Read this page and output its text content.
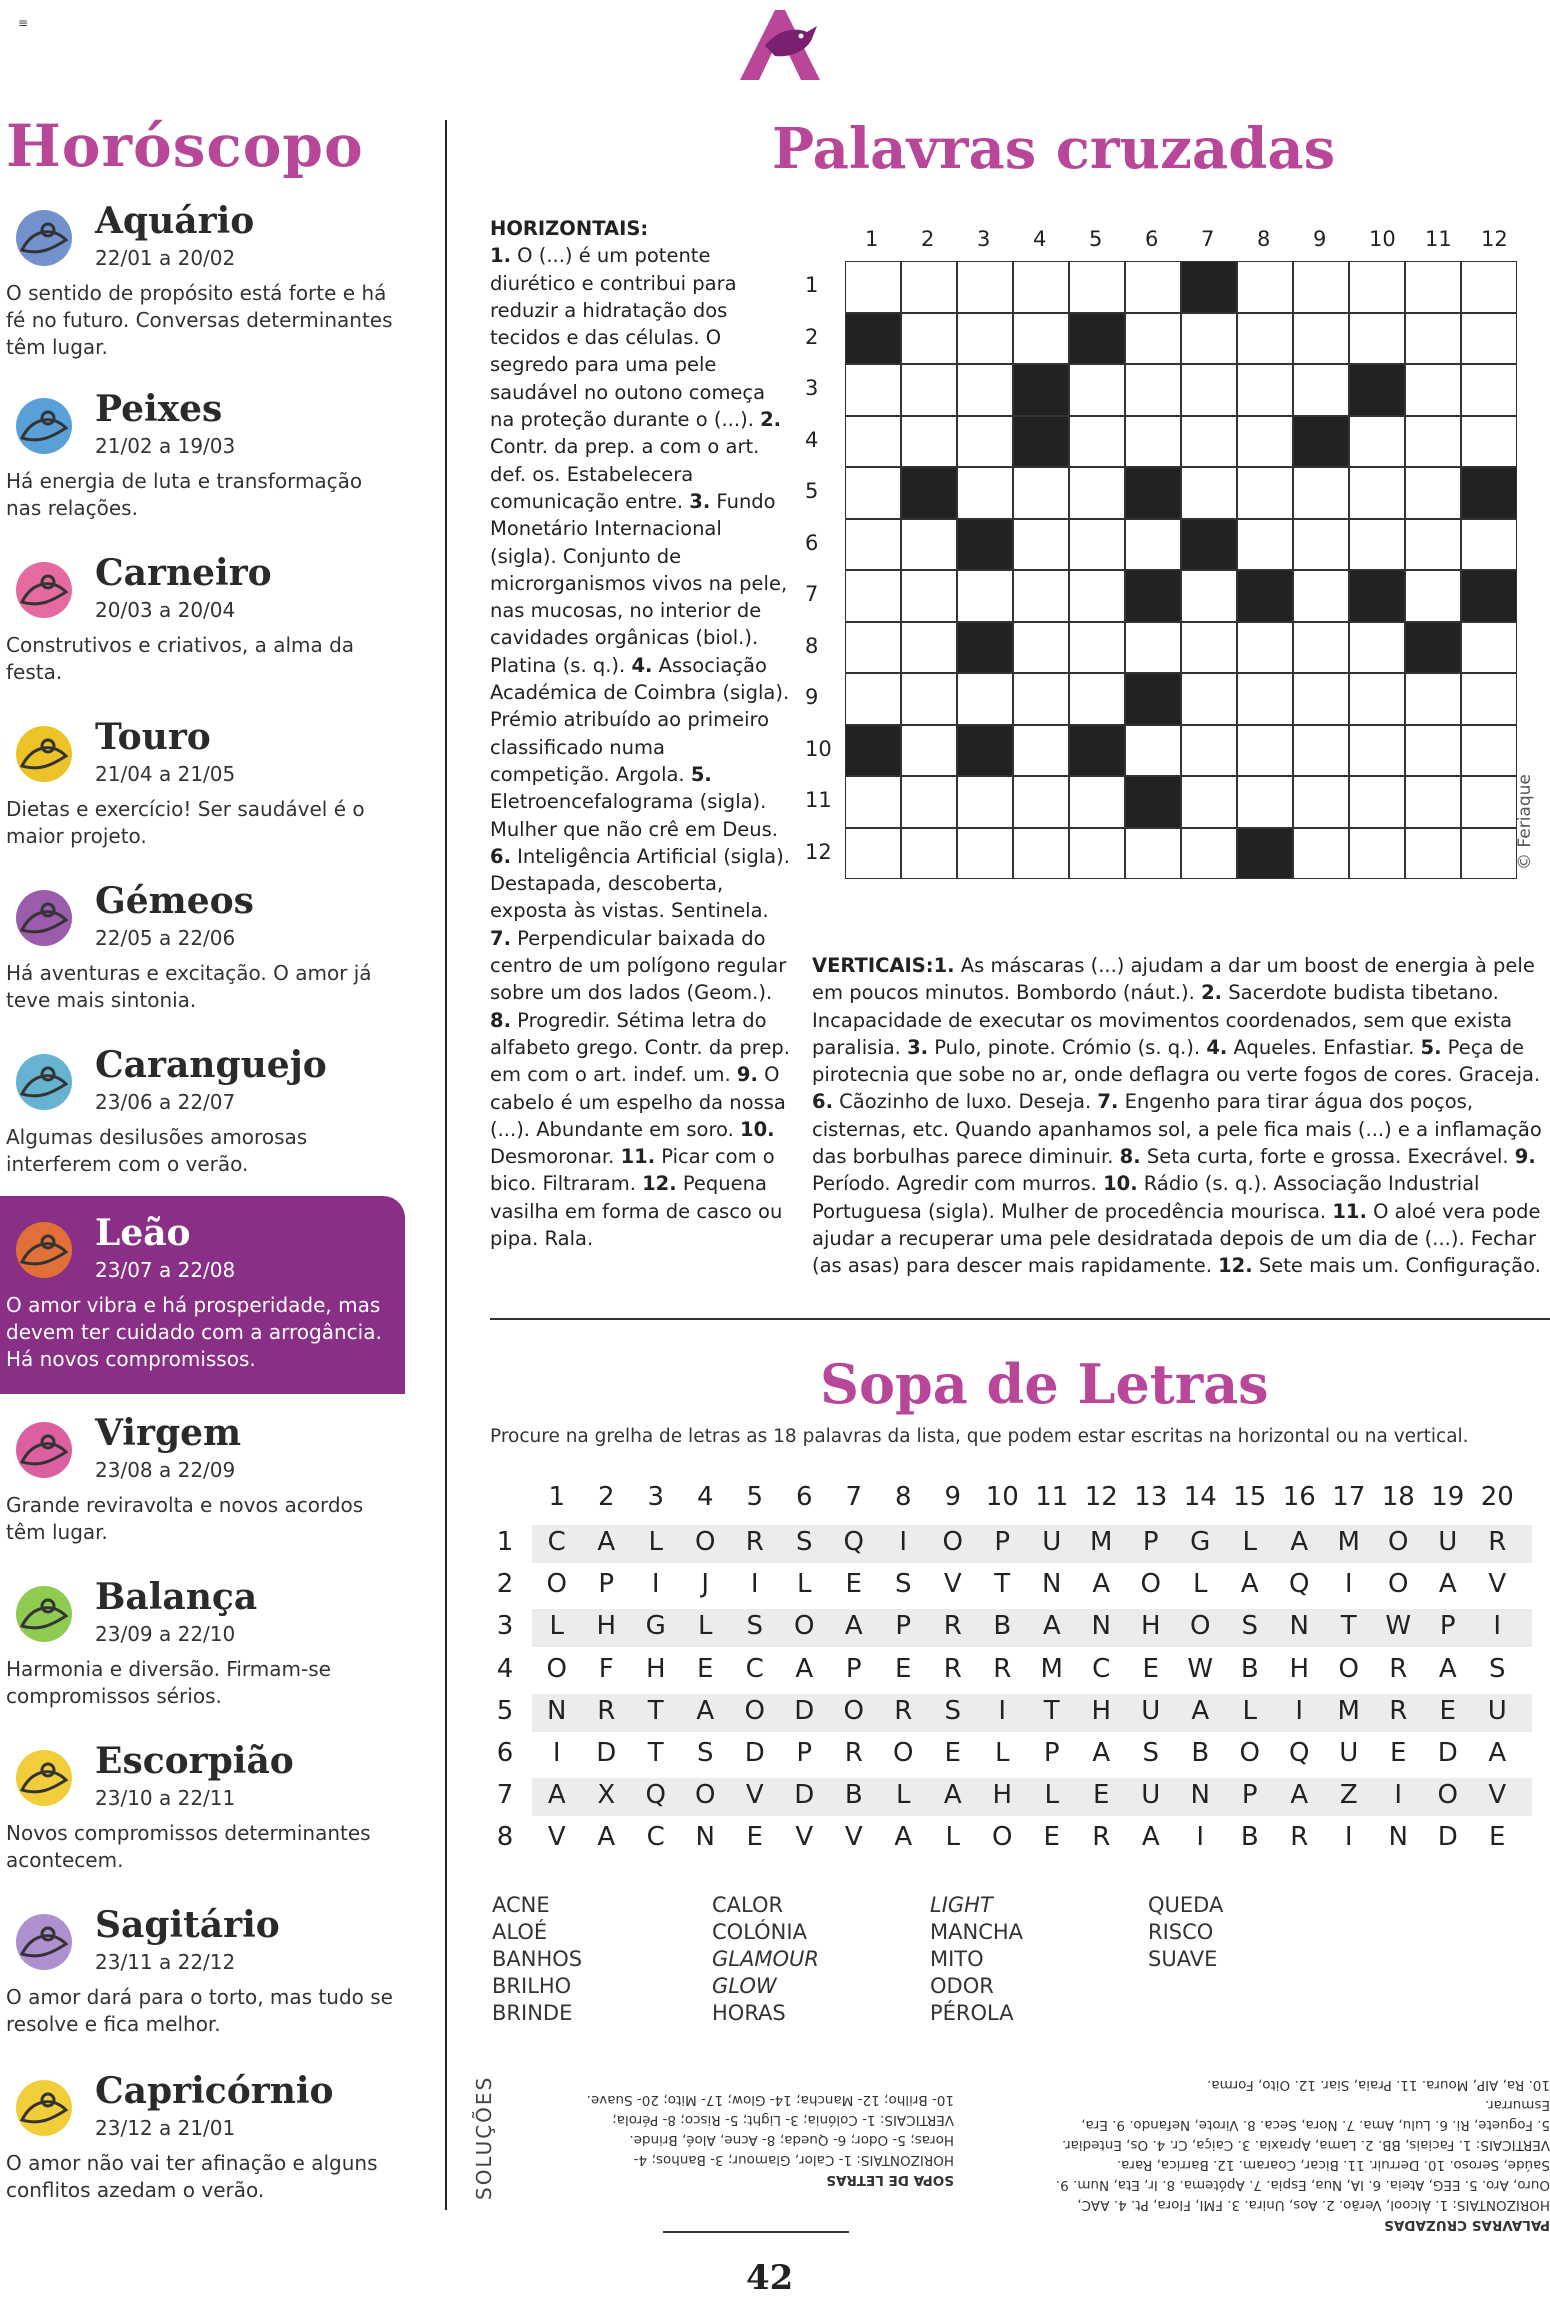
≡
Horóscopo
Aquário
22/01 a 20/02
O sentido de propósito está forte e há fé no futuro. Conversas determinantes têm lugar.
Peixes
21/02 a 19/03
Há energia de luta e transformação nas relações.
Carneiro
20/03 a 20/04
Construtivos e criativos, a alma da festa.
Touro
21/04 a 21/05
Dietas e exercício! Ser saudável é o maior projeto.
Gémeos
22/05 a 22/06
Há aventuras e excitação. O amor já teve mais sintonia.
Caranguejo
23/06 a 22/07
Algumas desilusões amorosas interferem com o verão.
Leão
23/07 a 22/08
O amor vibra e há prosperidade, mas devem ter cuidado com a arrogância. Há novos compromissos.
Virgem
23/08 a 22/09
Grande reviravolta e novos acordos têm lugar.
Balança
23/09 a 22/10
Harmonia e diversão. Firmam-se compromissos sérios.
Escorpião
23/10 a 22/11
Novos compromissos determinantes acontecem.
Sagitário
23/11 a 22/12
O amor dará para o torto, mas tudo se resolve e fica melhor.
Capricórnio
23/12 a 21/01
O amor não vai ter afinação e alguns conflitos azedam o verão.
Palavras cruzadas
HORIZONTAIS:
1. O (...) é um potente diurético e contribui para reduzir a hidratação dos tecidos e das células. O segredo para uma pele saudável no outono começa na proteção durante o (...). 2. Contr. da prep. a com o art. def. os. Estabelecera comunicação entre. 3. Fundo Monetário Internacional (sigla). Conjunto de microrganismos vivos na pele, nas mucosas, no interior de cavidades orgânicas (biol.). Platina (s. q.). 4. Associação Académica de Coimbra (sigla). Prémio atribuído ao primeiro classificado numa competição. Argola. 5. Eletroencefalograma (sigla). Mulher que não crê em Deus. 6. Inteligência Artificial (sigla). Destapada, descoberta, exposta às vistas. Sentinela. 7. Perpendicular baixada do centro de um polígono regular sobre um dos lados (Geom.). 8. Progredir. Sétima letra do alfabeto grego. Contr. da prep. em com o art. indef. um. 9. O cabelo é um espelho da nossa (...). Abundante em soro. 10. Desmoronar. 11. Picar com o bico. Filtraram. 12. Pequena vasilha em forma de casco ou pipa. Rala.
1 2 3 4 5 6 7 8 9 10 11 12
1
2
3
4
5
6
7
8
9
10
11
12	© Feriaque
VERTICAIS:1. As máscaras (...) ajudam a dar um boost de energia à pele em poucos minutos. Bombordo (náut.). 2. Sacerdote budista tibetano. Incapacidade de executar os movimentos coordenados, sem que exista paralisia. 3. Pulo, pinote. Crómio (s. q.). 4. Aqueles. Enfastiar. 5. Peça de pirotecnia que sobe no ar, onde deflagra ou verte fogos de cores. Graceja. 6. Cãozinho de luxo. Deseja. 7. Engenho para tirar água dos poços, cisternas, etc. Quando apanhamos sol, a pele fica mais (...) e a inflamação das borbulhas parece diminuir. 8. Seta curta, forte e grossa. Execrável. 9. Período. Agredir com murros. 10. Rádio (s. q.). Associação Industrial Portuguesa (sigla). Mulher de procedência mourisca. 11. O aloé vera pode ajudar a recuperar uma pele desidratada depois de um dia de (...). Fechar (as asas) para descer mais rapidamente. 12. Sete mais um. Configuração.
Sopa de Letras
Procure na grelha de letras as 18 palavras da lista, que podem estar escritas na horizontal ou na vertical.
1	2	3	4	5	6	7	8	9 10 11 12 13 14 15 16 17 18 19 20
1	C	A	L	O	R	S	Q	I	O	P	U	M	P	G	L	A	M	O	U	R
2	O	P	I	J	I	L	E	S	V	T	N	A	O	L	A	Q	I	O	A	V
3	L	H	G	L	S	O	A	P	R	B	A	N	H	O	S	N	T	W	P	I
4	O	F	H	E	C	A	P	E	R	R	M	C	E	W	B	H	O	R	A	S
5	N	R	T	A	O	D	O	R	S	I	T	H	U	A	L	I	M	R	E	U
6	I	D	T	S	D	P	R	O	E	L	P	A	S	B	O	Q	U	E	D	A
7	A	X	Q	O	V	D	B	L	A	H	L	E	U	N	P	A	Z	I	O	V
8	V	A	C	N	E	V	V	A	L	O	E	R	A	I	B	R	I	N	D	E
ACNE
ALOÉ
BANHOS
BRILHO
BRINDE
CALOR
COLÓNIA
GLAMOUR
GLOW
HORAS
LIGHT
MANCHA
MITO
ODOR
PÉROLA
QUEDA
RISCO
SUAVE
SOLUÇÕES	SOPA DE LETRAS
HORIZONTAIS: 1- Calor, Glamour; 3- Banhos; 4-
Horas; 5- Odor; 6- Queda; 8- Acne, Aloé, Brinde.
VERTICAIS: 1- Colónia; 3- Light; 5- Risco; 8- Pérola;
10- Brilho; 12- Mancha; 14- Glow; 17- Mito; 20- Suave.
PALAVRAS CRUZADAS
HORIZONTAIS: 1. Álcool, Verão. 2. Aos, Unira. 3. FMI, Flora, Pt. 4. AAC,
Ouro, Aro. 5. EEG, Ateia. 6. IA, Nua, Espia. 7. Apótema. 8. Ir, Eta, Num. 9.
Saúde, Seroso. 10. Derruir. 11. Bicar, Coaram. 12. Barrica, Rara.
VERTICAIS: 1. Faciais, BB. 2. Lama, Apraxia. 3. Caiça, Cr. 4. Os, Entediar.
5. Foguete, Ri. 6. Lulu, Ama. 7. Nora, Seca. 8. Virote, Nefando. 9. Era, Esmurrar.
10. Ra, AIP, Moura. 11. Praia, Siar. 12. Oito, Forma.
42
